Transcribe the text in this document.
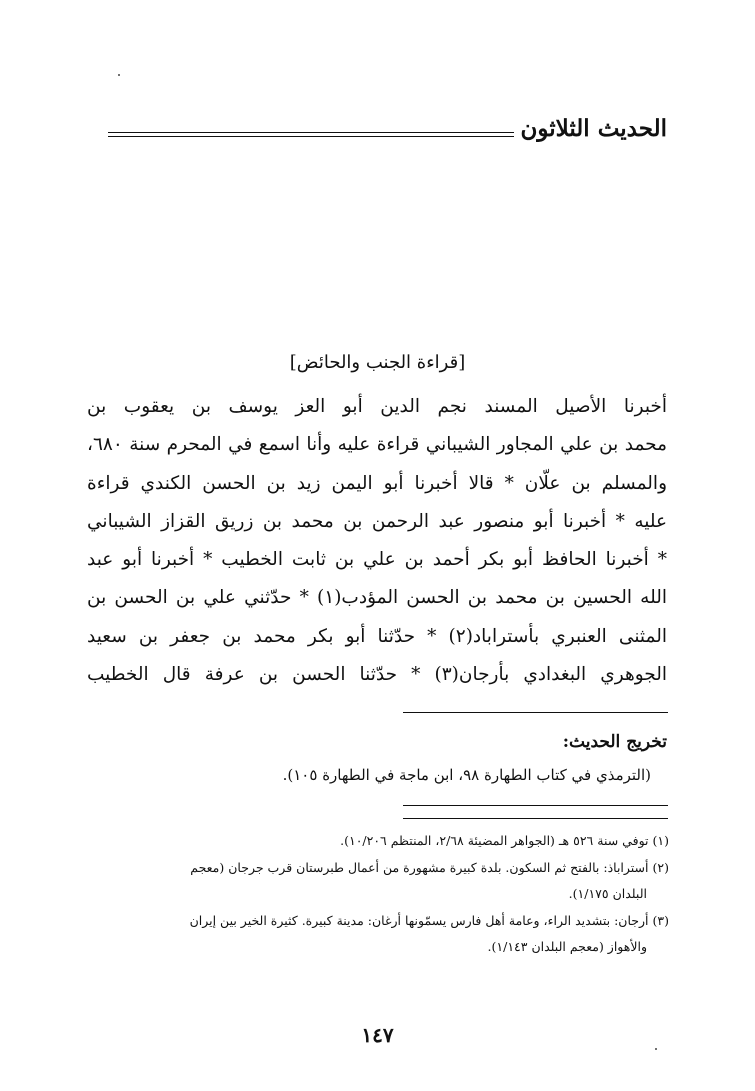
الحديث الثلاثون
[قراءة الجنب والحائض]

أخبرنا الأصيل المسند نجم الدين أبو العز يوسف بن يعقوب بن

محمد بن علي المجاور الشيباني قراءة عليه وأنا اسمع في المحرم سنة ٦٨٠،

والمسلم بن علّان * قالا أخبرنا أبو اليمن زيد بن الحسن الكندي قراءة

عليه * أخبرنا أبو منصور عبد الرحمن بن محمد بن زريق القزاز الشيباني

* أخبرنا الحافظ أبو بكر أحمد بن علي بن ثابت الخطيب * أخبرنا أبو عبد

الله الحسين بن محمد بن الحسن المؤدب(١) * حدّثني علي بن الحسن بن

المثنى العنبري بأستراباد(٢) * حدّثنا أبو بكر محمد بن جعفر بن سعيد

الجوهري البغدادي بأرجان(٣) * حدّثنا الحسن بن عرفة قال الخطيب

تخريج الحديث:
(الترمذي في كتاب الطهارة ٩٨، ابن ماجة في الطهارة ١٠٥).

(١) توفي سنة ٥٢٦ هـ (الجواهر المضيئة ٢/٦٨، المنتظم ١٠/٢٠٦).

(٢) أستراباذ: بالفتح ثم السكون. بلدة كبيرة مشهورة من أعمال طبرستان قرب جرجان (معجم

البلدان ١/١٧٥).

(٣) أرجان: بتشديد الراء، وعامة أهل فارس يسمّونها أرغان: مدينة كبيرة. كثيرة الخير بين إيران

والأهواز (معجم البلدان ١/١٤٣).

١٤٧
